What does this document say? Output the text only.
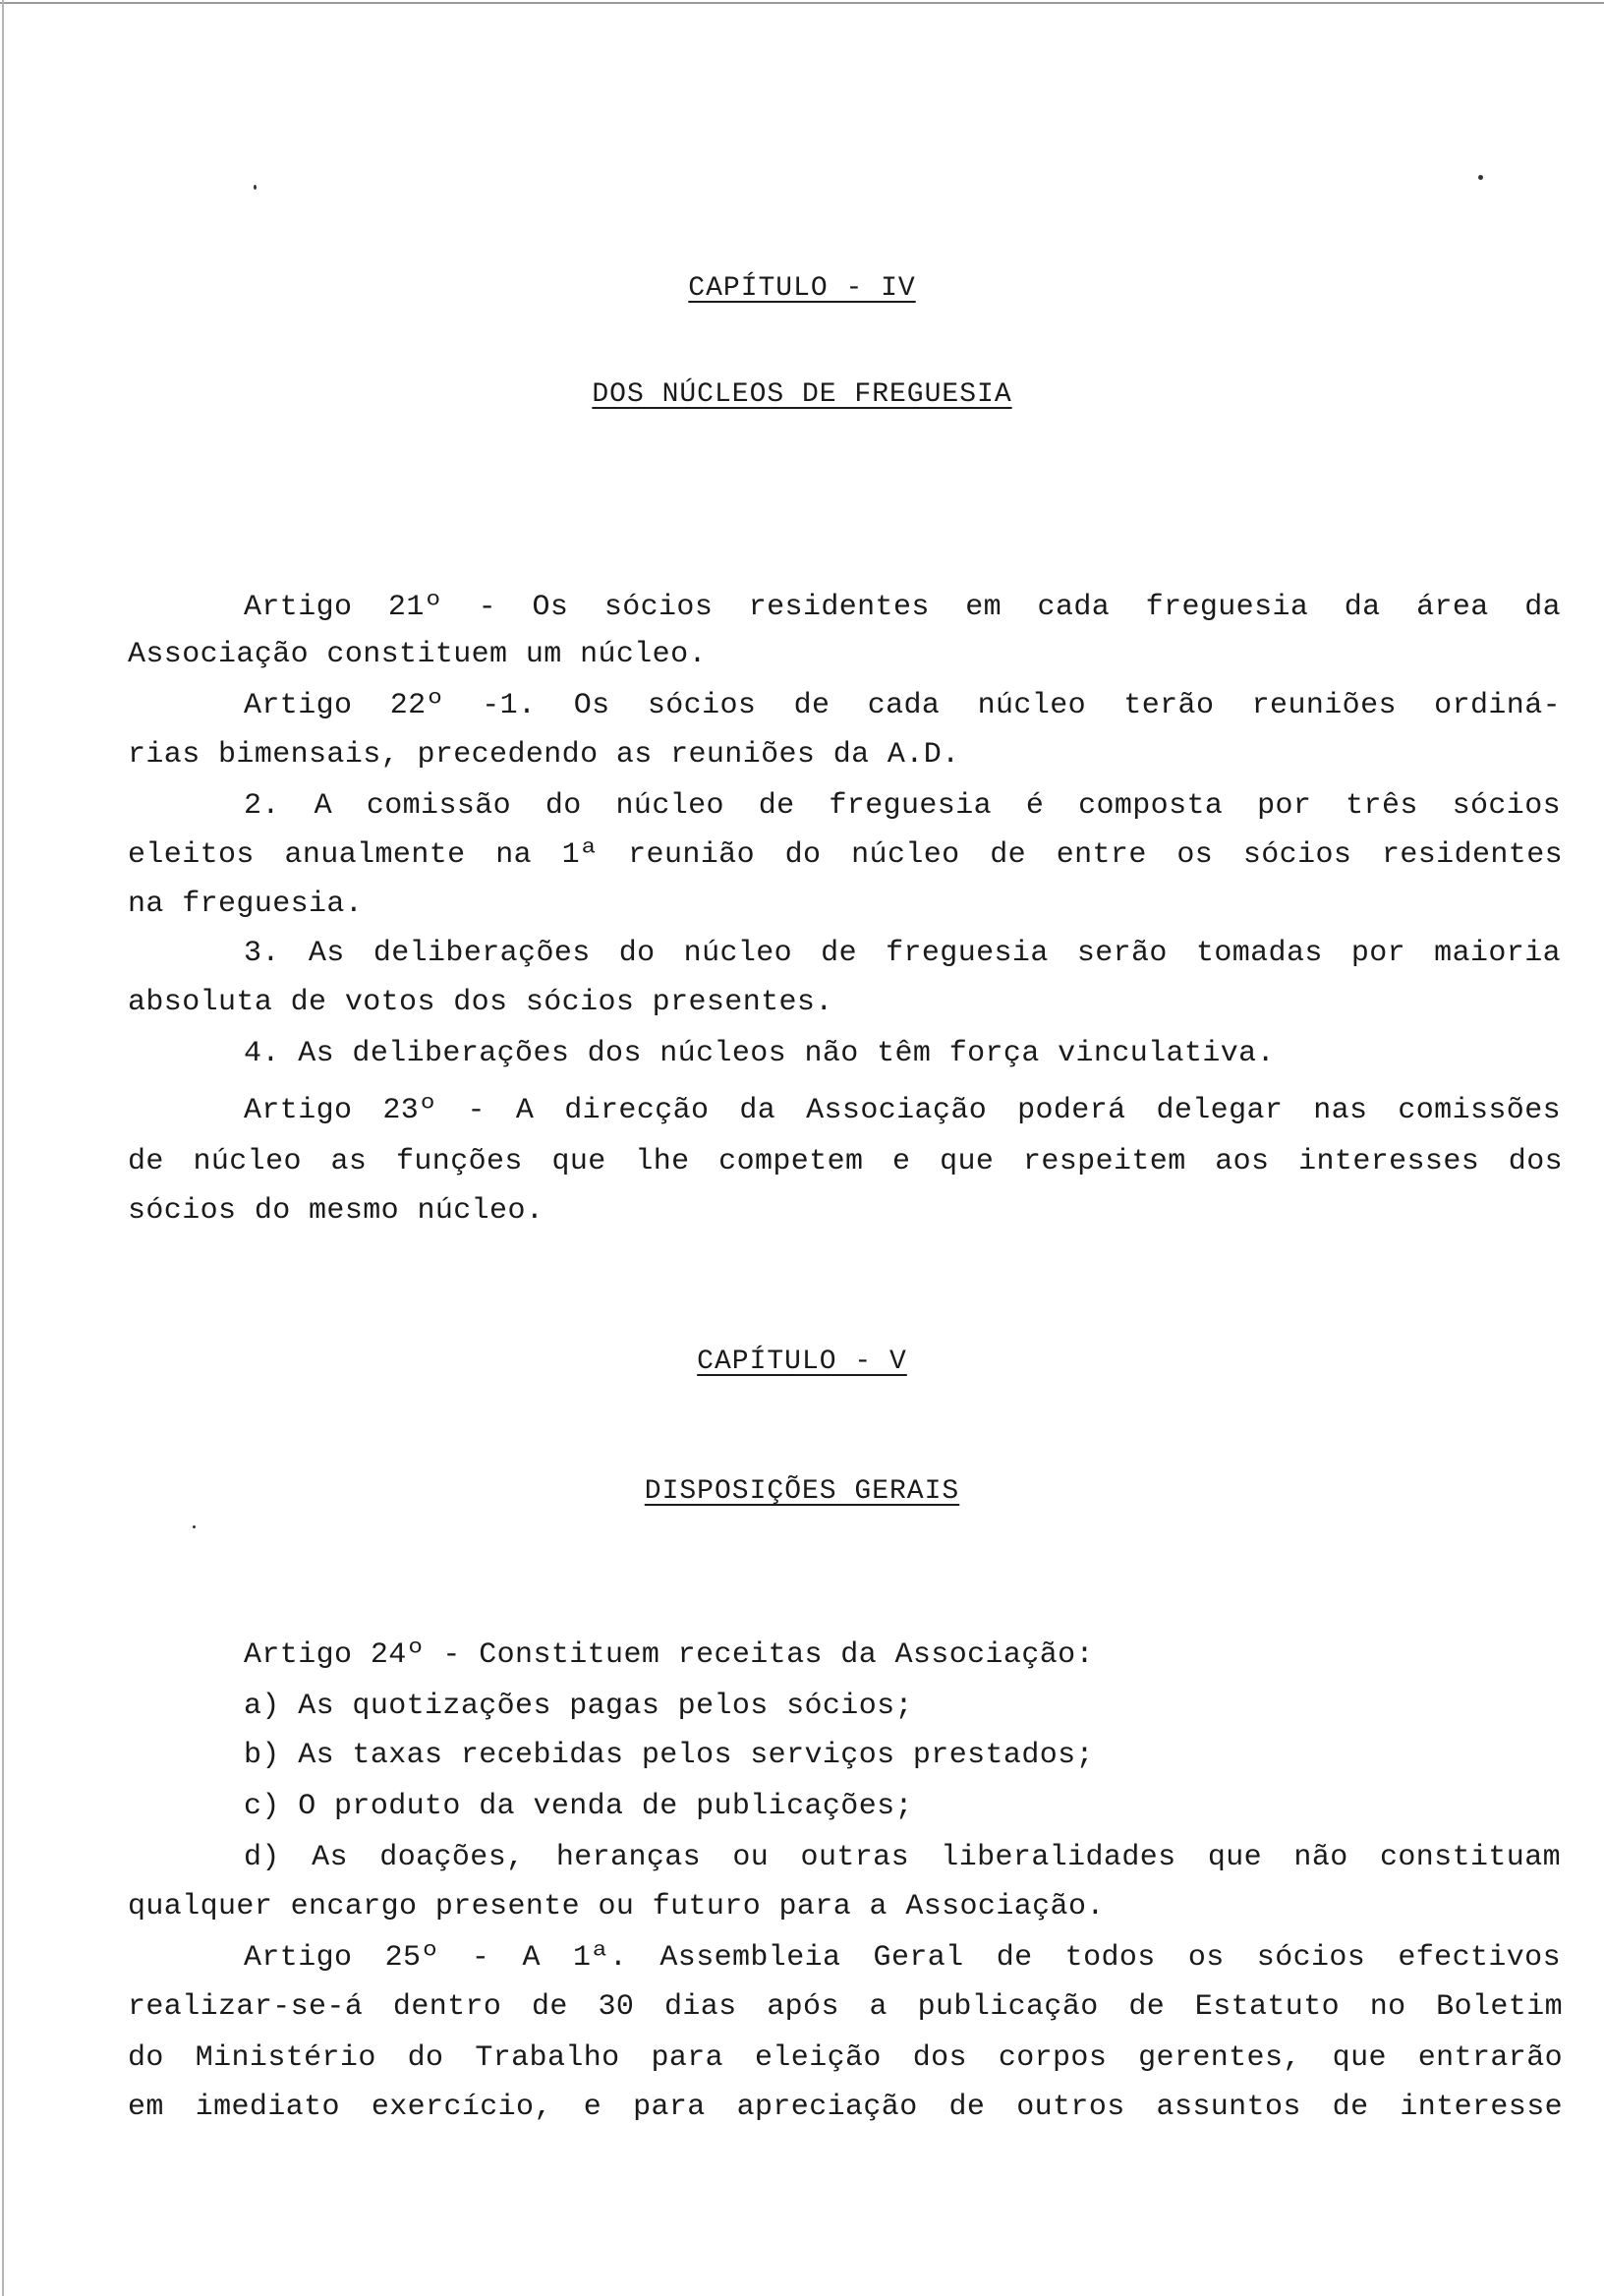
CAPÍTULO - IV
DOS NÚCLEOS DE FREGUESIA
Artigo 21º - Os sócios residentes em cada freguesia da área da
Associação constituem um núcleo.
Artigo 22º -1. Os sócios de cada núcleo terão reuniões ordiná-
rias bimensais, precedendo as reuniões da A.D.
2. A comissão do núcleo de freguesia é composta por três sócios
eleitos anualmente na 1ª reunião do núcleo de entre os sócios residentes
na freguesia.
3. As deliberações do núcleo de freguesia serão tomadas por maioria
absoluta de votos dos sócios presentes.
4. As deliberações dos núcleos não têm força vinculativa.
Artigo 23º - A direcção da Associação poderá delegar nas comissões
de núcleo as funções que lhe competem e que respeitem aos interesses dos
sócios do mesmo núcleo.
CAPÍTULO - V
DISPOSIÇÕES GERAIS
Artigo 24º - Constituem receitas da Associação:
a) As quotizações pagas pelos sócios;
b) As taxas recebidas pelos serviços prestados;
c) O produto da venda de publicações;
d) As doações, heranças ou outras liberalidades que não constituam
qualquer encargo presente ou futuro para a Associação.
Artigo 25º - A 1ª. Assembleia Geral de todos os sócios efectivos
realizar-se-á dentro de 30 dias após a publicação de Estatuto no Boletim
do Ministério do Trabalho para eleição dos corpos gerentes, que entrarão
em imediato exercício, e para apreciação de outros assuntos de interesse
